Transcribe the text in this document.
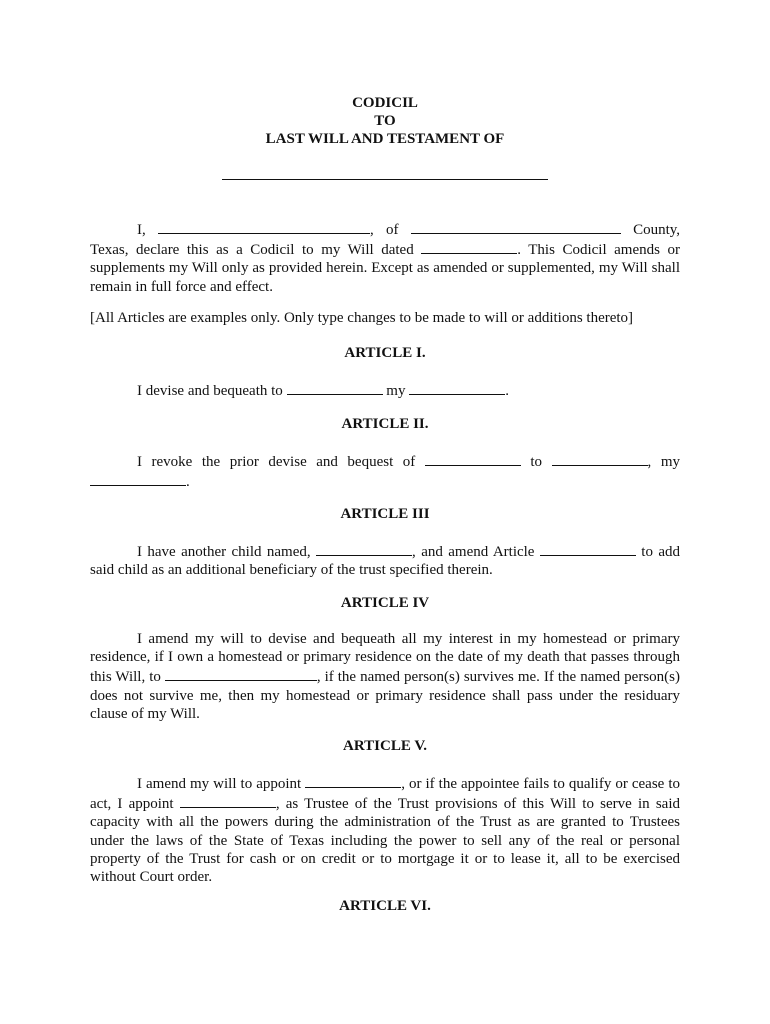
CODICIL
TO
LAST WILL AND TESTAMENT OF
I,	, of	County, Texas, declare this as a Codicil to my Will dated	. This Codicil amends or supplements my Will only as provided herein. Except as amended or supplemented, my Will shall remain in full force and effect.
[All Articles are examples only. Only type changes to be made to will or additions thereto]
ARTICLE I.
I devise and bequeath to	my	.
ARTICLE II.
I revoke the prior devise and bequest of	to	, my .
ARTICLE III
I have another child named,	, and amend Article	to add said child as an additional beneficiary of the trust specified therein.
ARTICLE IV
I amend my will to devise and bequeath all my interest in my homestead or primary residence, if I own a homestead or primary residence on the date of my death that passes through this Will, to	, if the named person(s) survives me. If the named person(s) does not survive me, then my homestead or primary residence shall pass under the residuary clause of my Will.
ARTICLE V.
I amend my will to appoint	, or if the appointee fails to qualify or cease to act, I appoint	, as Trustee of the Trust provisions of this Will to serve in said capacity with all the powers during the administration of the Trust as are granted to Trustees under the laws of the State of Texas including the power to sell any of the real or personal property of the Trust for cash or on credit or to mortgage it or to lease it, all to be exercised without Court order.
ARTICLE VI.
